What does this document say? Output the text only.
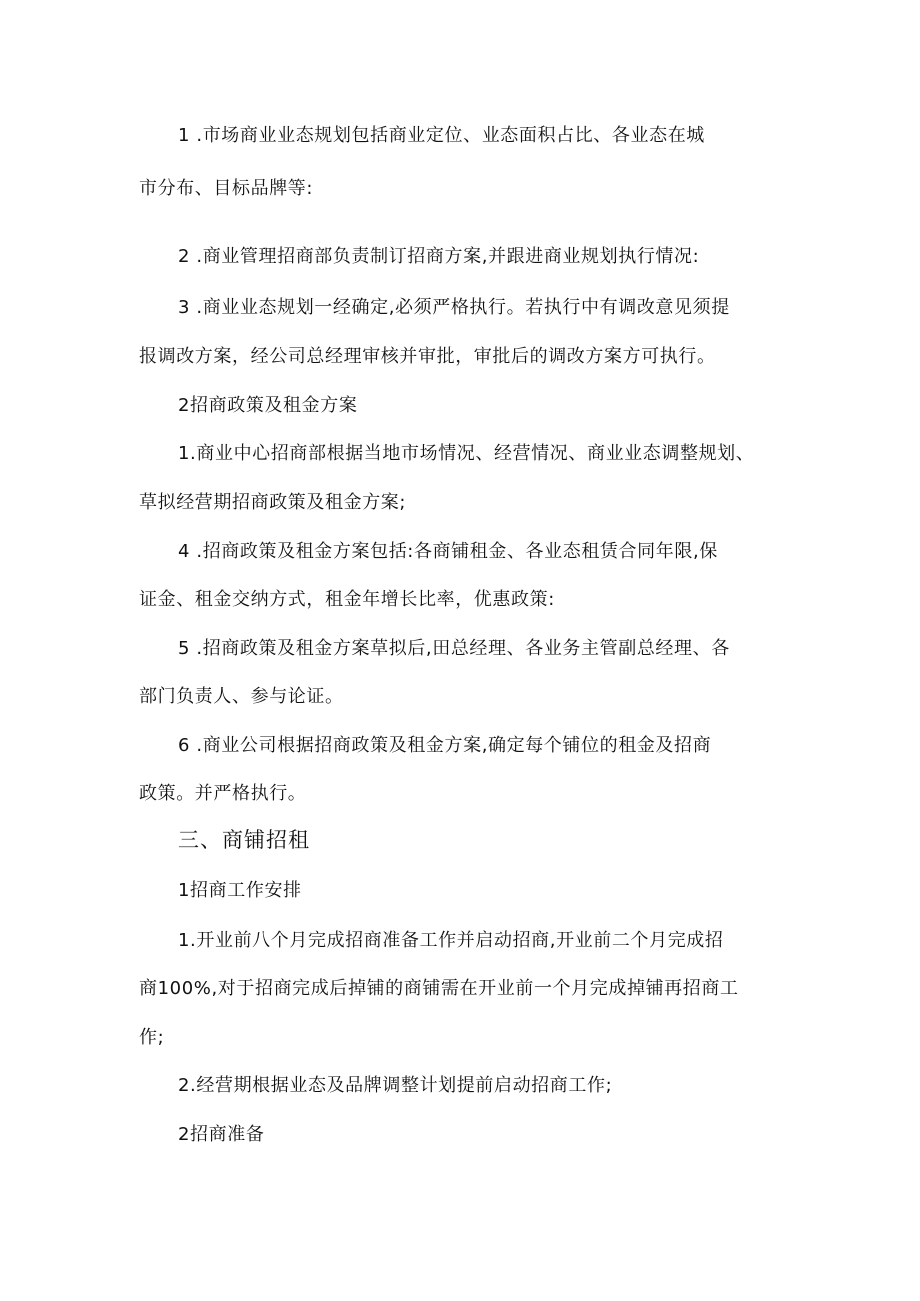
1 .市场商业业态规划包括商业定位、业态面积占比、各业态在城
市分布、目标品牌等:
2 .商业管理招商部负责制订招商方案,并跟进商业规划执行情况:
3 .商业业态规划一经确定,必须严格执行。若执行中有调改意见须提
报调改方案，经公司总经理审核并审批，审批后的调改方案方可执行。
2招商政策及租金方案
1.商业中心招商部根据当地市场情况、经营情况、商业业态调整规划、
草拟经营期招商政策及租金方案;
4 .招商政策及租金方案包括:各商铺租金、各业态租赁合同年限,保
证金、租金交纳方式，租金年增长比率，优惠政策:
5 .招商政策及租金方案草拟后,田总经理、各业务主管副总经理、各
部门负责人、参与论证。
6 .商业公司根据招商政策及租金方案,确定每个铺位的租金及招商
政策。并严格执行。
三、商铺招租
1招商工作安排
1.开业前八个月完成招商准备工作并启动招商,开业前二个月完成招
商100%,对于招商完成后掉铺的商铺需在开业前一个月完成掉铺再招商工
作;
2.经营期根据业态及品牌调整计划提前启动招商工作;
2招商准备
